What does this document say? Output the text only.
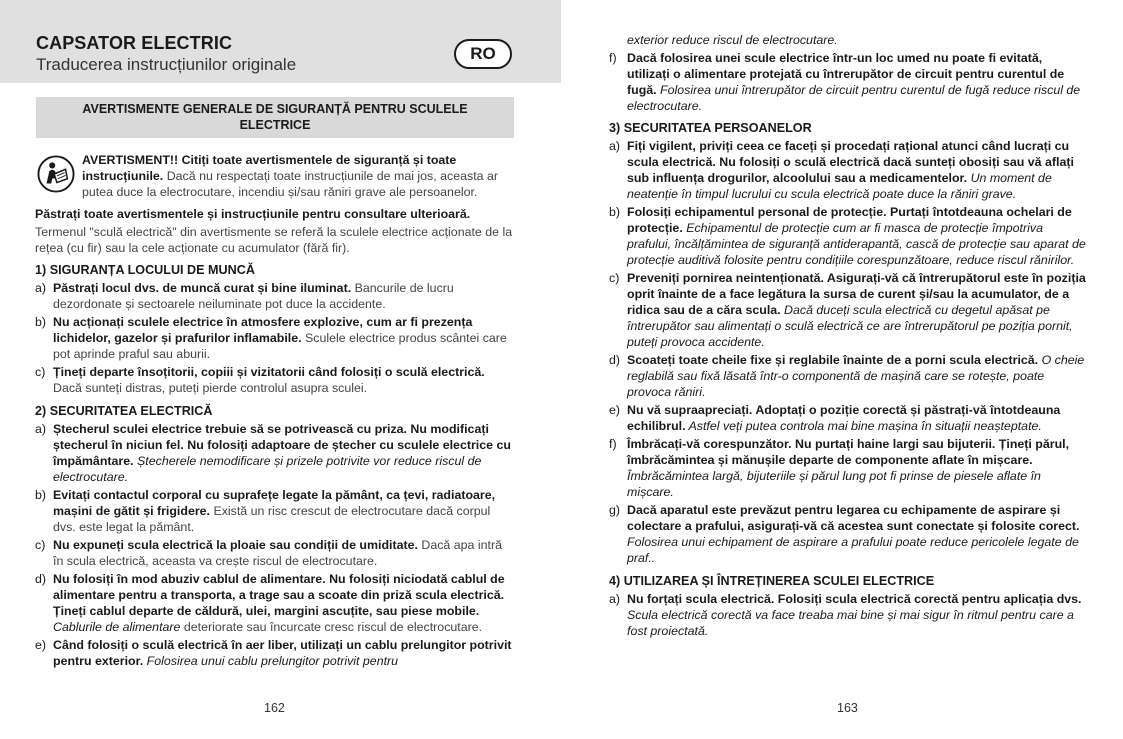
CAPSATOR ELECTRIC
Traducerea instrucțiunilor originale
RO
AVERTISMENTE GENERALE DE SIGURANȚĂ PENTRU SCULELE ELECTRICE

AVERTISMENT!! Citiți toate avertismentele de siguranță și toate instrucțiunile. Dacă nu respectați toate instrucțiunile de mai jos, aceasta ar putea duce la electrocutare, incendiu și/sau răniri grave ale persoanelor.

Păstrați toate avertismentele și instrucțiunile pentru consultare ulterioară.

Termenul "sculă electrică" din avertismente se referă la sculele electrice acționate de la rețea (cu fir) sau la cele acționate cu acumulator (fără fir).

1) SIGURANȚA LOCULUI DE MUNCĂ

a) Păstrați locul dvs. de muncă curat și bine iluminat. Bancurile de lucru dezordonate și sectoarele neiluminate pot duce la accidente.
b) Nu acționați sculele electrice în atmosfere explozive, cum ar fi prezența lichidelor, gazelor și prafurilor inflamabile. Sculele electrice produs scântei care pot aprinde praful sau aburii.
c) Țineți departe însoțitorii, copiii și vizitatorii când folosiți o sculă electrică. Dacă sunteți distras, puteți pierde controlul asupra sculei.

2) SECURITATEA ELECTRICĂ

a) Ștecherul sculei electrice trebuie să se potrivească cu priza. Nu modificați ștecherul în niciun fel. Nu folosiți adaptoare de ștecher cu sculele electrice cu împământare. Ștecherele nemodificare și prizele potrivite vor reduce riscul de electrocutare.
b) Evitați contactul corporal cu suprafețe legate la pământ, ca țevi, radiatoare, mașini de gătit și frigidere. Există un risc crescut de electrocutare dacă corpul dvs. este legat la pământ.
c) Nu expuneți scula electrică la ploaie sau condiții de umiditate. Dacă apa intră în scula electrică, aceasta va crește riscul de electrocutare.
d) Nu folosiți în mod abuziv cablul de alimentare. Nu folosiți niciodată cablul de alimentare pentru a transporta, a trage sau a scoate din priză scula electrică. Țineți cablul departe de căldură, ulei, margini ascuțite, sau piese mobile. Cablurile de alimentare deteriorate sau încurcate cresc riscul de electrocutare.
e) Când folosiți o sculă electrică în aer liber, utilizați un cablu prelungitor potrivit pentru exterior. Folosirea unui cablu prelungitor potrivit pentru
162

exterior reduce riscul de electrocutare.

f) Dacă folosirea unei scule electrice într-un loc umed nu poate fi evitată, utilizați o alimentare protejată cu întrerupător de circuit pentru curentul de fugă. Folosirea unui întrerupător de circuit pentru curentul de fugă reduce riscul de electrocutare.

3) SECURITATEA PERSOANELOR

a) Fiți vigilent, priviți ceea ce faceți și procedați rațional atunci când lucrați cu scula electrică. Nu folosiți o sculă electrică dacă sunteți obosiți sau vă aflați sub influența drogurilor, alcoolului sau a medicamentelor. Un moment de neatenție în timpul lucrului cu scula electrică poate duce la răniri grave.
b) Folosiți echipamentul personal de protecție. Purtați întotdeauna ochelari de protecție. Echipamentul de protecție cum ar fi masca de protecție împotriva prafului, încălțămintea de siguranță antiderapantă, cască de protecție sau aparat de protecție auditivă folosite pentru condițiile corespunzătoare, reduce riscul rănirilor.
c) Preveniți pornirea neintenționată. Asigurați-vă că întrerupătorul este în poziția oprit înainte de a face legătura la sursa de curent și/sau la acumulator, de a ridica sau de a căra scula. Dacă duceți scula electrică cu degetul apăsat pe întrerupător sau alimentați o sculă electrică ce are întrerupătorul pe poziția pornit, puteți provoca accidente.
d) Scoateți toate cheile fixe și reglabile înainte de a porni scula electrică. O cheie reglabilă sau fixă lăsată într-o componentă de mașină care se rotește, poate provoca răniri.
e) Nu vă supraapreciați. Adoptați o poziție corectă și păstrați-vă întotdeauna echilibrul. Astfel veți putea controla mai bine mașina în situații neașteptate.
f) Îmbrăcați-vă corespunzător. Nu purtați haine largi sau bijuterii. Țineți părul, îmbrăcămintea și mănușile departe de componente aflate în mișcare. Îmbrăcămintea largă, bijuteriile și părul lung pot fi prinse de piesele aflate în mișcare.
g) Dacă aparatul este prevăzut pentru legarea cu echipamente de aspirare și colectare a prafului, asigurați-vă că acestea sunt conectate și folosite corect. Folosirea unui echipament de aspirare a prafului poate reduce pericolele legate de praf..

4) UTILIZAREA ȘI ÎNTREȚINEREA SCULEI ELECTRICE

a) Nu forțați scula electrică. Folosiți scula electrică corectă pentru aplicația dvs. Scula electrică corectă va face treaba mai bine și mai sigur în ritmul pentru care a fost proiectată.
163
